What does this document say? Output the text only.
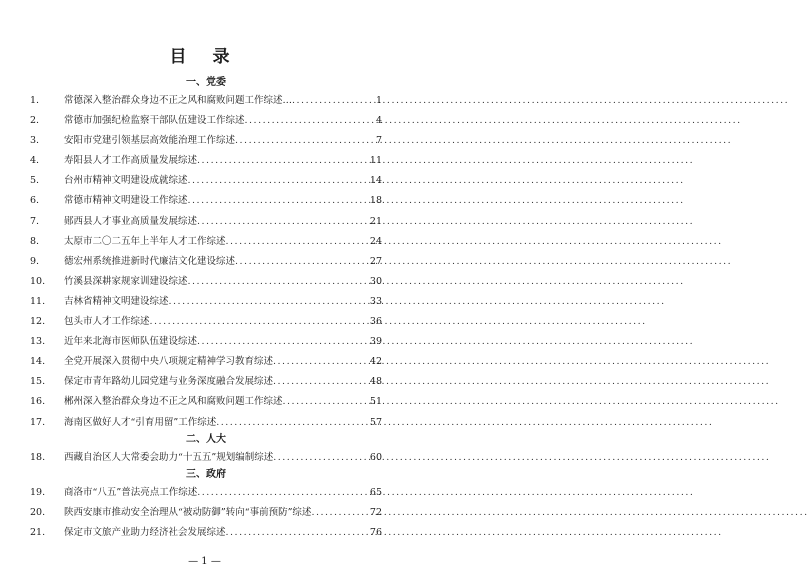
目 录
一、党委
1.	常德深入整治群众身边不正之风和腐败问题工作综述… .....	1
2.	常德市加强纪检监察干部队伍建设工作综述 .....	4
3.	安阳市党建引领基层高效能治理工作综述 .....	7
4.	寿阳县人才工作高质量发展综述 .....	11
5.	台州市精神文明建设成就综述 .....	14
6.	常德市精神文明建设工作综述 .....	18
7.	郧西县人才事业高质量发展综述 .....	21
8.	太原市二〇二五年上半年人才工作综述 .....	24
9.	德宏州系统推进新时代廉洁文化建设综述 .....	27
10.	竹溪县深耕家规家训建设综述 .....	30
11.	吉林省精神文明建设综述 .....	33
12.	包头市人才工作综述 .....	36
13.	近年来北海市医师队伍建设综述 .....	39
14.	全党开展深入贯彻中央八项规定精神学习教育综述 .....	42
15.	保定市青年路幼儿园党建与业务深度融合发展综述 .....	48
16.	郴州深入整治群众身边不正之风和腐败问题工作综述 .....	51
17.	海南区做好人才“引育用留”工作综述 .....	57
二、人大
18.	西藏自治区人大常委会助力“十五五”规划编制综述 .....	60
三、政府
19.	商洛市“八五”普法亮点工作综述 .....	65
20.	陕西安康市推动安全治理从“被动防御”转向“事前预防”综述 .....	72
21.	保定市文旅产业助力经济社会发展综述 .....	76
— 1 —
